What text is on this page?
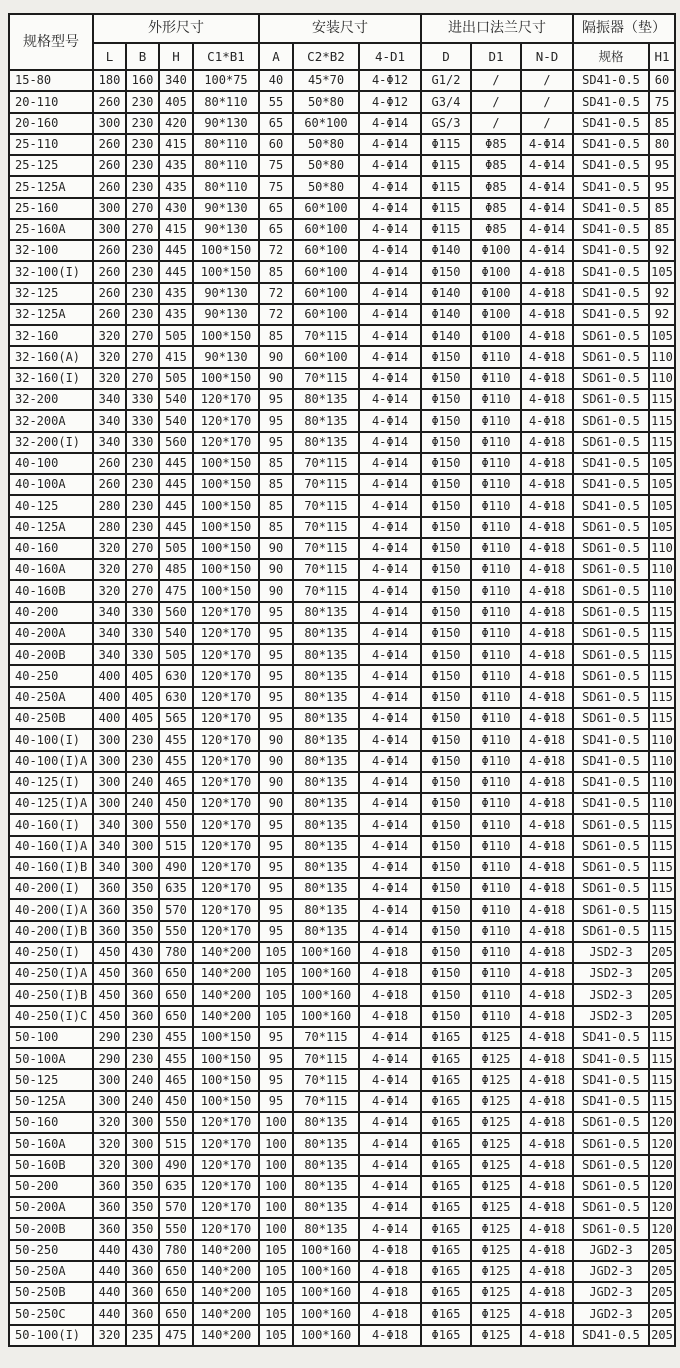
规格型号	外形尺寸				安装尺寸			进出口法兰尺寸			隔振器（垫）	
	L	B	H	C1*B1	A	C2*B2	4-D1	D	D1	N-D	规格	H1
15-80	180	160	340	100*75	40	45*70	4-Φ12	G1/2	/	/	SD41-0.5	60
20-110	260	230	405	80*110	55	50*80	4-Φ12	G3/4	/	/	SD41-0.5	75
20-160	300	230	420	90*130	65	60*100	4-Φ14	GS/3	/	/	SD41-0.5	85
25-110	260	230	415	80*110	60	50*80	4-Φ14	Φ115	Φ85	4-Φ14	SD41-0.5	80
25-125	260	230	435	80*110	75	50*80	4-Φ14	Φ115	Φ85	4-Φ14	SD41-0.5	95
25-125A	260	230	435	80*110	75	50*80	4-Φ14	Φ115	Φ85	4-Φ14	SD41-0.5	95
25-160	300	270	430	90*130	65	60*100	4-Φ14	Φ115	Φ85	4-Φ14	SD41-0.5	85
25-160A	300	270	415	90*130	65	60*100	4-Φ14	Φ115	Φ85	4-Φ14	SD41-0.5	85
32-100	260	230	445	100*150	72	60*100	4-Φ14	Φ140	Φ100	4-Φ14	SD41-0.5	92
32-100(I)	260	230	445	100*150	85	60*100	4-Φ14	Φ150	Φ100	4-Φ18	SD41-0.5	105
32-125	260	230	435	90*130	72	60*100	4-Φ14	Φ140	Φ100	4-Φ18	SD41-0.5	92
32-125A	260	230	435	90*130	72	60*100	4-Φ14	Φ140	Φ100	4-Φ18	SD41-0.5	92
32-160	320	270	505	100*150	85	70*115	4-Φ14	Φ140	Φ100	4-Φ18	SD61-0.5	105
32-160(A)	320	270	415	90*130	90	60*100	4-Φ14	Φ150	Φ110	4-Φ18	SD61-0.5	110
32-160(I)	320	270	505	100*150	90	70*115	4-Φ14	Φ150	Φ110	4-Φ18	SD61-0.5	110
32-200	340	330	540	120*170	95	80*135	4-Φ14	Φ150	Φ110	4-Φ18	SD61-0.5	115
32-200A	340	330	540	120*170	95	80*135	4-Φ14	Φ150	Φ110	4-Φ18	SD61-0.5	115
32-200(I)	340	330	560	120*170	95	80*135	4-Φ14	Φ150	Φ110	4-Φ18	SD61-0.5	115
40-100	260	230	445	100*150	85	70*115	4-Φ14	Φ150	Φ110	4-Φ18	SD41-0.5	105
40-100A	260	230	445	100*150	85	70*115	4-Φ14	Φ150	Φ110	4-Φ18	SD41-0.5	105
40-125	280	230	445	100*150	85	70*115	4-Φ14	Φ150	Φ110	4-Φ18	SD41-0.5	105
40-125A	280	230	445	100*150	85	70*115	4-Φ14	Φ150	Φ110	4-Φ18	SD61-0.5	105
40-160	320	270	505	100*150	90	70*115	4-Φ14	Φ150	Φ110	4-Φ18	SD61-0.5	110
40-160A	320	270	485	100*150	90	70*115	4-Φ14	Φ150	Φ110	4-Φ18	SD61-0.5	110
40-160B	320	270	475	100*150	90	70*115	4-Φ14	Φ150	Φ110	4-Φ18	SD61-0.5	110
40-200	340	330	560	120*170	95	80*135	4-Φ14	Φ150	Φ110	4-Φ18	SD61-0.5	115
40-200A	340	330	540	120*170	95	80*135	4-Φ14	Φ150	Φ110	4-Φ18	SD61-0.5	115
40-200B	340	330	505	120*170	95	80*135	4-Φ14	Φ150	Φ110	4-Φ18	SD61-0.5	115
40-250	400	405	630	120*170	95	80*135	4-Φ14	Φ150	Φ110	4-Φ18	SD61-0.5	115
40-250A	400	405	630	120*170	95	80*135	4-Φ14	Φ150	Φ110	4-Φ18	SD61-0.5	115
40-250B	400	405	565	120*170	95	80*135	4-Φ14	Φ150	Φ110	4-Φ18	SD61-0.5	115
40-100(I)	300	230	455	120*170	90	80*135	4-Φ14	Φ150	Φ110	4-Φ18	SD41-0.5	110
40-100(I)A	300	230	455	120*170	90	80*135	4-Φ14	Φ150	Φ110	4-Φ18	SD41-0.5	110
40-125(I)	300	240	465	120*170	90	80*135	4-Φ14	Φ150	Φ110	4-Φ18	SD41-0.5	110
40-125(I)A	300	240	450	120*170	90	80*135	4-Φ14	Φ150	Φ110	4-Φ18	SD41-0.5	110
40-160(I)	340	300	550	120*170	95	80*135	4-Φ14	Φ150	Φ110	4-Φ18	SD61-0.5	115
40-160(I)A	340	300	515	120*170	95	80*135	4-Φ14	Φ150	Φ110	4-Φ18	SD61-0.5	115
40-160(I)B	340	300	490	120*170	95	80*135	4-Φ14	Φ150	Φ110	4-Φ18	SD61-0.5	115
40-200(I)	360	350	635	120*170	95	80*135	4-Φ14	Φ150	Φ110	4-Φ18	SD61-0.5	115
40-200(I)A	360	350	570	120*170	95	80*135	4-Φ14	Φ150	Φ110	4-Φ18	SD61-0.5	115
40-200(I)B	360	350	550	120*170	95	80*135	4-Φ14	Φ150	Φ110	4-Φ18	SD61-0.5	115
40-250(I)	450	430	780	140*200	105	100*160	4-Φ18	Φ150	Φ110	4-Φ18	JSD2-3	205
40-250(I)A	450	360	650	140*200	105	100*160	4-Φ18	Φ150	Φ110	4-Φ18	JSD2-3	205
40-250(I)B	450	360	650	140*200	105	100*160	4-Φ18	Φ150	Φ110	4-Φ18	JSD2-3	205
40-250(I)C	450	360	650	140*200	105	100*160	4-Φ18	Φ150	Φ110	4-Φ18	JSD2-3	205
50-100	290	230	455	100*150	95	70*115	4-Φ14	Φ165	Φ125	4-Φ18	SD41-0.5	115
50-100A	290	230	455	100*150	95	70*115	4-Φ14	Φ165	Φ125	4-Φ18	SD41-0.5	115
50-125	300	240	465	100*150	95	70*115	4-Φ14	Φ165	Φ125	4-Φ18	SD41-0.5	115
50-125A	300	240	450	100*150	95	70*115	4-Φ14	Φ165	Φ125	4-Φ18	SD41-0.5	115
50-160	320	300	550	120*170	100	80*135	4-Φ14	Φ165	Φ125	4-Φ18	SD61-0.5	120
50-160A	320	300	515	120*170	100	80*135	4-Φ14	Φ165	Φ125	4-Φ18	SD61-0.5	120
50-160B	320	300	490	120*170	100	80*135	4-Φ14	Φ165	Φ125	4-Φ18	SD61-0.5	120
50-200	360	350	635	120*170	100	80*135	4-Φ14	Φ165	Φ125	4-Φ18	SD61-0.5	120
50-200A	360	350	570	120*170	100	80*135	4-Φ14	Φ165	Φ125	4-Φ18	SD61-0.5	120
50-200B	360	350	550	120*170	100	80*135	4-Φ14	Φ165	Φ125	4-Φ18	SD61-0.5	120
50-250	440	430	780	140*200	105	100*160	4-Φ18	Φ165	Φ125	4-Φ18	JGD2-3	205
50-250A	440	360	650	140*200	105	100*160	4-Φ18	Φ165	Φ125	4-Φ18	JGD2-3	205
50-250B	440	360	650	140*200	105	100*160	4-Φ18	Φ165	Φ125	4-Φ18	JGD2-3	205
50-250C	440	360	650	140*200	105	100*160	4-Φ18	Φ165	Φ125	4-Φ18	JGD2-3	205
50-100(I)	320	235	475	140*200	105	100*160	4-Φ18	Φ165	Φ125	4-Φ18	SD41-0.5	205
